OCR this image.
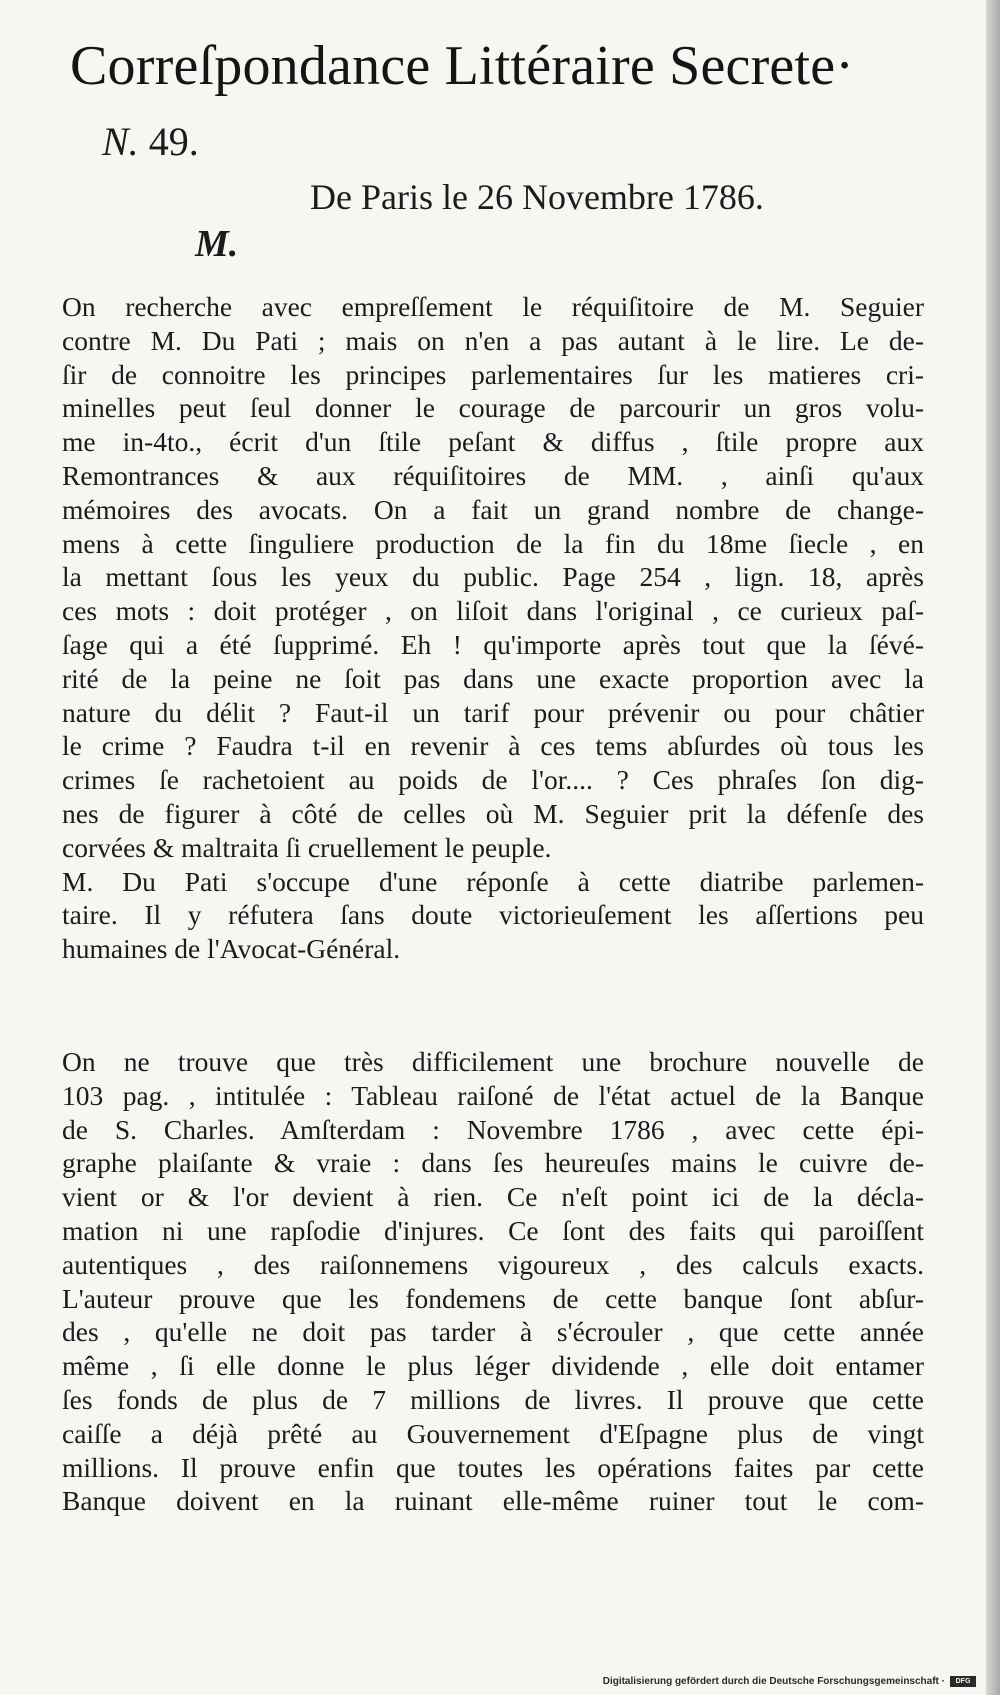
Correſpondance Littéraire Secrete·
N. 49.
De Paris le 26 Novembre 1786.
M.
On recherche avec empreſſement le réquiſitoire de M. Seguier
contre M. Du Pati ; mais on n'en a pas autant à le lire. Le de-
ſir de connoitre les principes parlementaires ſur les matieres cri-
minelles peut ſeul donner le courage de parcourir un gros volu-
me in-4to., écrit d'un ſtile peſant & diffus , ſtile propre aux
Remontrances & aux réquiſitoires de MM. , ainſi qu'aux
mémoires des avocats. On a fait un grand nombre de change-
mens à cette ſinguliere production de la fin du 18me ſiecle , en
la mettant ſous les yeux du public. Page 254 , lign. 18, après
ces mots : doit protéger , on liſoit dans l'original , ce curieux paſ-
ſage qui a été ſupprimé. Eh ! qu'importe après tout que la ſévé-
rité de la peine ne ſoit pas dans une exacte proportion avec la
nature du délit ? Faut-il un tarif pour prévenir ou pour châtier
le crime ? Faudra t-il en revenir à ces tems abſurdes où tous les
crimes ſe rachetoient au poids de l'or.... ? Ces phraſes ſon dig-
nes de figurer à côté de celles où M. Seguier prit la défenſe des
corvées & maltraita ſi cruellement le peuple.
M. Du Pati s'occupe d'une réponſe à cette diatribe parlemen-
taire. Il y réfutera ſans doute victorieuſement les aſſertions peu
humaines de l'Avocat-Général.
On ne trouve que très difficilement une brochure nouvelle de
103 pag. , intitulée : Tableau raiſoné de l'état actuel de la Banque
de S. Charles. Amſterdam : Novembre 1786 , avec cette épi-
graphe plaiſante & vraie : dans ſes heureuſes mains le cuivre de-
vient or & l'or devient à rien. Ce n'eſt point ici de la décla-
mation ni une rapſodie d'injures. Ce ſont des faits qui paroiſſent
autentiques , des raiſonnemens vigoureux , des calculs exacts.
L'auteur prouve que les fondemens de cette banque ſont abſur-
des , qu'elle ne doit pas tarder à s'écrouler , que cette année
même , ſi elle donne le plus léger dividende , elle doit entamer
ſes fonds de plus de 7 millions de livres. Il prouve que cette
caiſſe a déjà prêté au Gouvernement d'Eſpagne plus de vingt
millions. Il prouve enfin que toutes les opérations faites par cette
Banque doivent en la ruinant elle-même ruiner tout le com-
Digitalisierung gefördert durch die Deutsche Forschungsgemeinschaft ·	DFG
